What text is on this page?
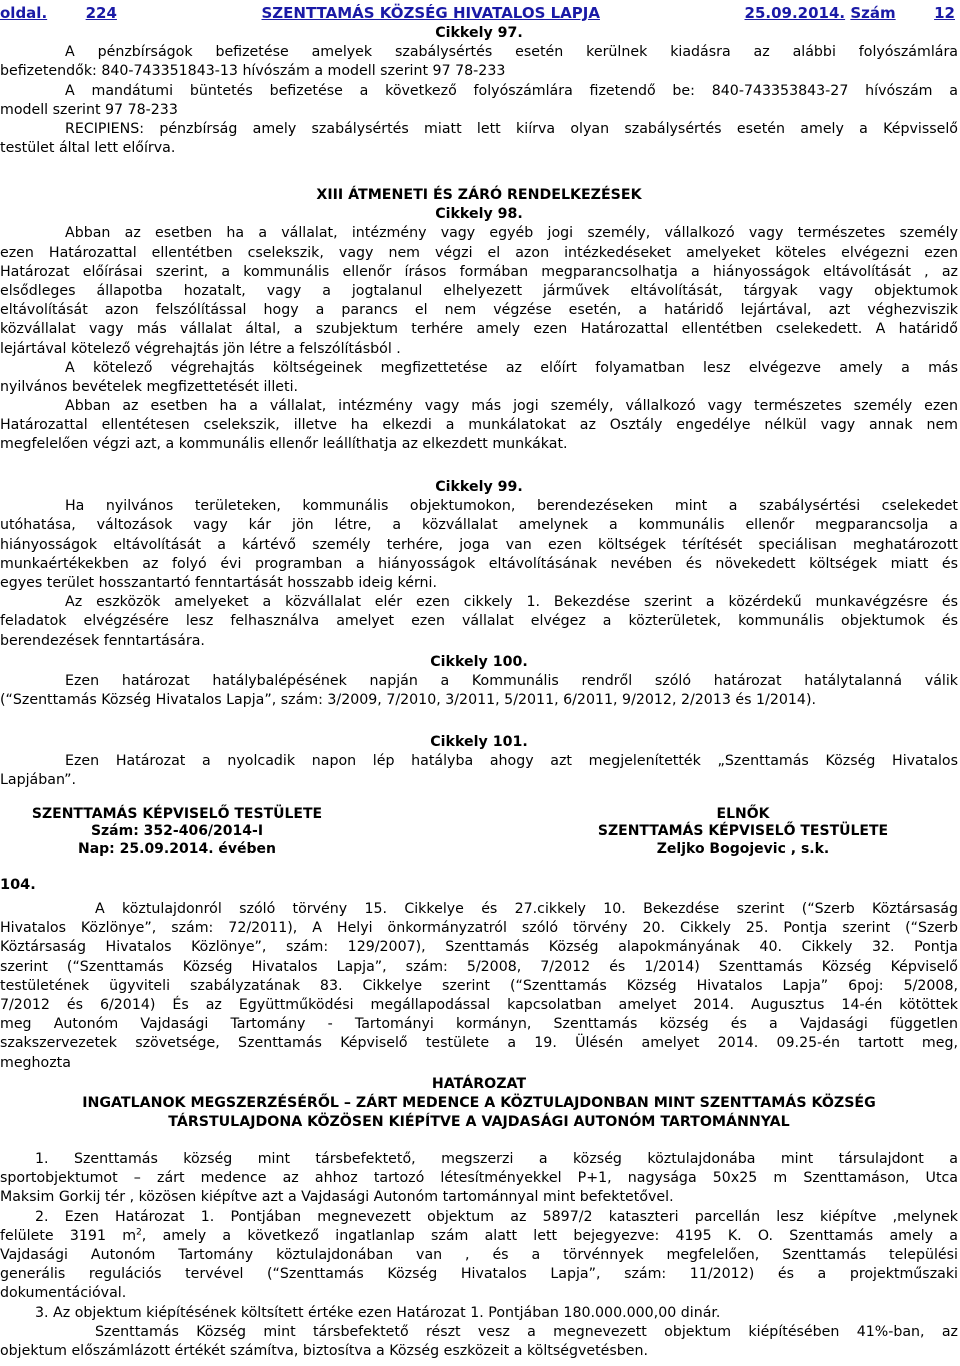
oldal.	224	SZENTTAMÁS KÖZSÉG HIVATALOS LAPJA	25.09.2014. Szám	12
Cikkely 97.
A pénzbírságok befizetése amelyek szabálysértés esetén kerülnek kiadásra az alábbi folyószámlára
befizetendők: 840-743351843-13 hívószám a modell szerint 97 78-233
A mandátumi büntetés befizetése a következő folyószámlára fizetendő be: 840-743353843-27 hívószám a
modell szerint 97 78-233
RECIPIENS: pénzbírság amely szabálysértés miatt lett kiírva olyan szabálysértés esetén amely a Képvisselő
testület által lett előírva.
XIII ÁTMENETI ÉS ZÁRÓ RENDELKEZÉSEK
Cikkely 98.
Abban az esetben ha a vállalat, intézmény vagy egyéb jogi személy, vállalkozó vagy természetes személy
ezen Határozattal ellentétben cselekszik, vagy nem végzi el azon intézkedéseket amelyeket köteles elvégezni ezen
Határozat előírásai szerint, a kommunális ellenőr írásos formában megparancsolhatja a hiányosságok eltávolítását , az
elsődleges állapotba hozatalt, vagy a jogtalanul elhelyezett járművek eltávolítását, tárgyak vagy objektumok
eltávolítását azon felszólítással hogy a parancs el nem végzése esetén, a határidő lejártával, azt véghezviszik
közvállalat vagy más vállalat által, a szubjektum terhére amely ezen Határozattal ellentétben cselekedett. A határidő
lejártával kötelező végrehajtás jön létre a felszólításból .
A kötelező végrehajtás költségeinek megfizettetése az előírt folyamatban lesz elvégezve amely a más
nyilvános bevételek megfizettetését illeti.
Abban az esetben ha a vállalat, intézmény vagy más jogi személy, vállalkozó vagy természetes személy ezen
Határozattal ellentétesen cselekszik, illetve ha elkezdi a munkálatokat az Osztály engedélye nélkül vagy annak nem
megfelelően végzi azt, a kommunális ellenőr leállíthatja az elkezdett munkákat.
Cikkely 99.
Ha nyilvános területeken, kommunális objektumokon, berendezéseken mint a szabálysértési cselekedet
utóhatása, változások vagy kár jön létre, a közvállalat amelynek a kommunális ellenőr megparancsolja a
hiányosságok eltávolítását a kártévő személy terhére, joga van ezen költségek térítését speciálisan meghatározott
munkaértékekben az folyó évi programban a hiányosságok eltávolításának nevében és növekedett költségek miatt és
egyes terület hosszantartó fenntartását hosszabb ideig kérni.
Az eszközök amelyeket a közvállalat elér ezen cikkely 1. Bekezdése szerint a közérdekű munkavégzésre és
feladatok elvégzésére lesz felhasználva amelyet ezen vállalat elvégez a közterületek, kommunális objektumok és
berendezések fenntartására.
Cikkely 100.
Ezen határozat hatálybalépésének napján a Kommunális rendről szóló határozat hatálytalanná válik
(“Szenttamás Község Hivatalos Lapja”, szám: 3/2009, 7/2010, 3/2011, 5/2011, 6/2011, 9/2012, 2/2013 és 1/2014).
Cikkely 101.
Ezen Határozat a nyolcadik napon lép hatályba ahogy azt megjelenítették „Szenttamás Község Hivatalos
Lapjában”.
SZENTTAMÁS KÉPVISELŐ TESTÜLETE
Szám: 352-406/2014-I
Nap: 25.09.2014. évében
ELNŐK
SZENTTAMÁS KÉPVISELŐ TESTÜLETE
Zeljko Bogojevic , s.k.
104.
A köztulajdonról szóló törvény 15. Cikkelye és 27.cikkely 10. Bekezdése szerint (“Szerb Köztársaság
Hivatalos Közlönye”, szám: 72/2011), A Helyi önkormányzatról szóló törvény 20. Cikkely 25. Pontja szerint (“Szerb
Köztársaság Hivatalos Közlönye”, szám: 129/2007), Szenttamás Község alapokmányának 40. Cikkely 32. Pontja
szerint (“Szenttamás Község Hivatalos Lapja”, szám: 5/2008, 7/2012 és 1/2014) Szenttamás Község Képviselő
testületének ügyviteli szabályzatának 83. Cikkelye szerint (“Szenttamás Község Hivatalos Lapja” 6poj: 5/2008,
7/2012 és 6/2014) És az Együttműködési megállapodással kapcsolatban amelyet 2014. Augusztus 14-én kötöttek
meg Autonóm Vajdasági Tartomány - Tartományi kormányn, Szenttamás község és a Vajdasági független
szakszervezetek szövetsége, Szenttamás Képviselő testülete a 19. Ülésén amelyet 2014. 09.25-én tartott meg,
meghozta
HATÁROZAT
INGATLANOK MEGSZERZÉSÉRŐL – ZÁRT MEDENCE A KÖZTULAJDONBAN MINT SZENTTAMÁS KÖZSÉG
TÁRSTULAJDONA KÖZÖSEN KIÉPÍTVE A VAJDASÁGI AUTONÓM TARTOMÁNNYAL
1. Szenttamás község mint társbefektető, megszerzi a község köztulajdonába mint társulajdont a
sportobjektumot – zárt medence az ahhoz tartozó létesítményekkel P+1, nagysága 50x25 m Szenttamáson, Utca
Maksim Gorkij tér , közösen kiépítve azt a Vajdasági Autonóm tartománnyal mint befektetővel.
2. Ezen Határozat 1. Pontjában megnevezett objektum az 5897/2 kataszteri parcellán lesz kiépítve ,melynek
felülete 3191 $m^2$, amely a következő ingatlanlap szám alatt lett bejegyezve: 4195 K. O. Szenttamás amely a
Vajdasági Autonóm Tartomány köztulajdonában van , és a törvénnyek megfelelően, Szenttamás települési
generális regulációs tervével (“Szenttamás Község Hivatalos Lapja”, szám: 11/2012) és a projektműszaki
dokumentációval.
3. Az objektum kiépítésének költsített értéke ezen Határozat 1. Pontjában 180.000.000,00 dinár.
Szenttamás Község mint társbefektető részt vesz a megnevezett objektum kiépítésében 41%-ban, az
objektum előszámlázott értékét számítva, biztosítva a Község eszközeit a költségvetésben.
